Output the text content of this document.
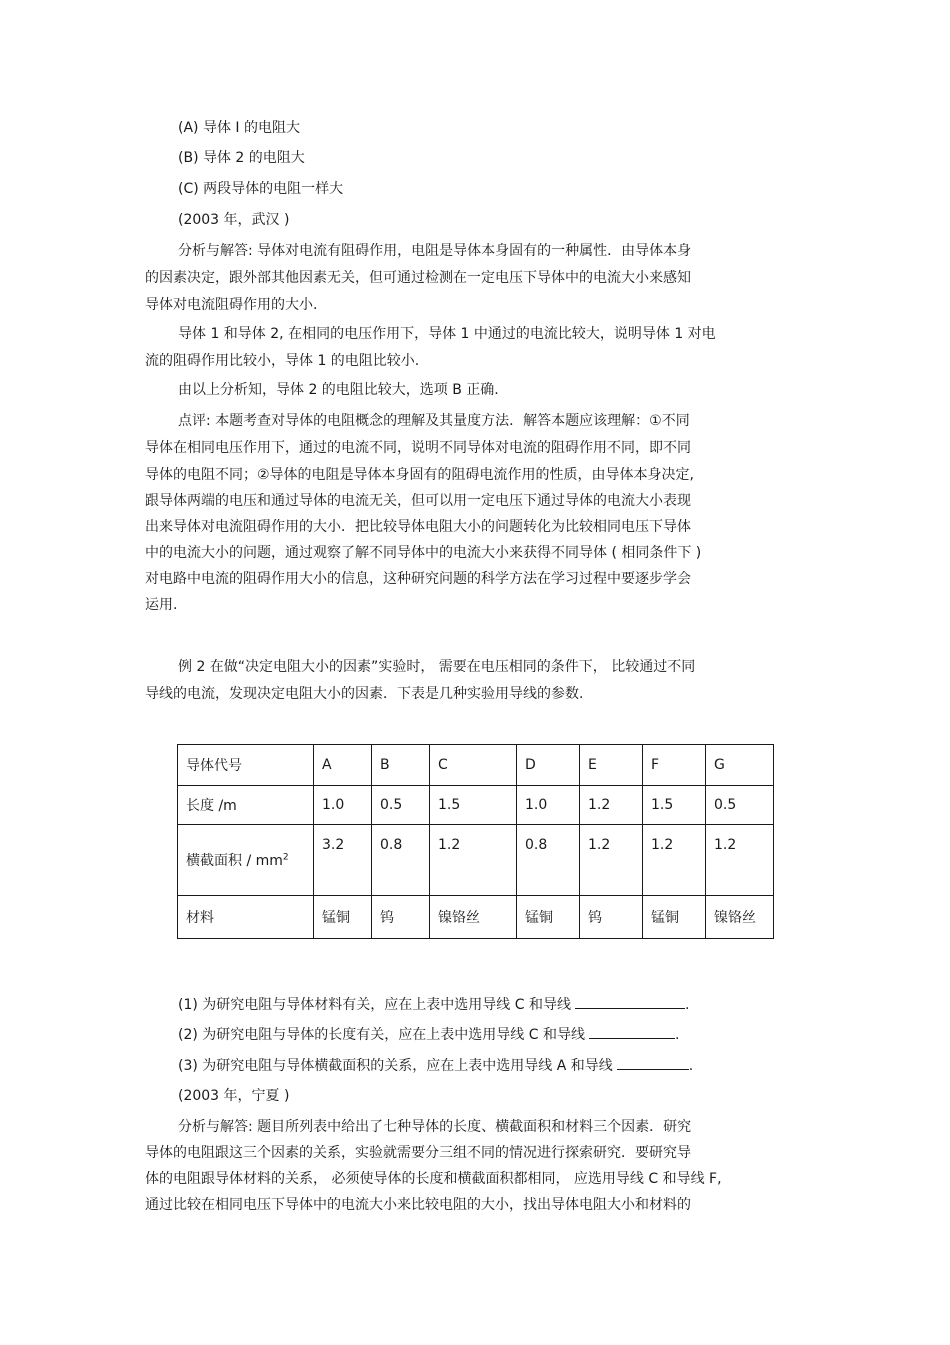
(A) 导体 I 的电阻大
(B) 导体 2 的电阻大
(C) 两段导体的电阻一样大
(2003 年，武汉 )
分析与解答: 导体对电流有阻碍作用，电阻是导体本身固有的一种属性．由导体本身
的因素决定，跟外部其他因素无关，但可通过检测在一定电压下导体中的电流大小来感知
导体对电流阻碍作用的大小.
导体 1 和导体 2, 在相同的电压作用下，导体 1 中通过的电流比较大，说明导体 1 对电
流的阻碍作用比较小，导体 1 的电阻比较小.
由以上分析知，导体 2 的电阻比较大，选项 B 正确.
点评: 本题考查对导体的电阻概念的理解及其量度方法．解答本题应该理解：①不同
导体在相同电压作用下，通过的电流不同，说明不同导体对电流的阻碍作用不同，即不同
导体的电阻不同；②导体的电阻是导体本身固有的阻碍电流作用的性质，由导体本身决定,
跟导体两端的电压和通过导体的电流无关，但可以用一定电压下通过导体的电流大小表现
出来导体对电流阻碍作用的大小．把比较导体电阻大小的问题转化为比较相同电压下导体
中的电流大小的问题，通过观察了解不同导体中的电流大小来获得不同导体 ( 相同条件下 )
对电路中电流的阻碍作用大小的信息，这种研究问题的科学方法在学习过程中要逐步学会
运用.
例 2 在做“决定电阻大小的因素”实验时， 需要在电压相同的条件下， 比较通过不同
导线的电流，发现决定电阻大小的因素．下表是几种实验用导线的参数.
导体代号	A	B	C	D	E	F	G
长度 /m	1.0	0.5	1.5	1.0	1.2	1.5	0.5
横截面积 / $mm^2$	3.2	0.8	1.2	0.8	1.2	1.2	1.2
材料	锰铜	钨	镍铬丝	锰铜	钨	锰铜	镍铬丝
(1) 为研究电阻与导体材料有关，应在上表中选用导线 C 和导线	.
(2) 为研究电阻与导体的长度有关，应在上表中选用导线 C 和导线	.
(3) 为研究电阻与导体横截面积的关系，应在上表中选用导线 A 和导线	.
(2003 年，宁夏 )
分析与解答: 题目所列表中给出了七种导体的长度、横截面积和材料三个因素．研究
导体的电阻跟这三个因素的关系，实验就需要分三组不同的情况进行探索研究．要研究导
体的电阻跟导体材料的关系， 必须使导体的长度和横截面积都相同， 应选用导线 C 和导线 F,
通过比较在相同电压下导体中的电流大小来比较电阻的大小，找出导体电阻大小和材料的
